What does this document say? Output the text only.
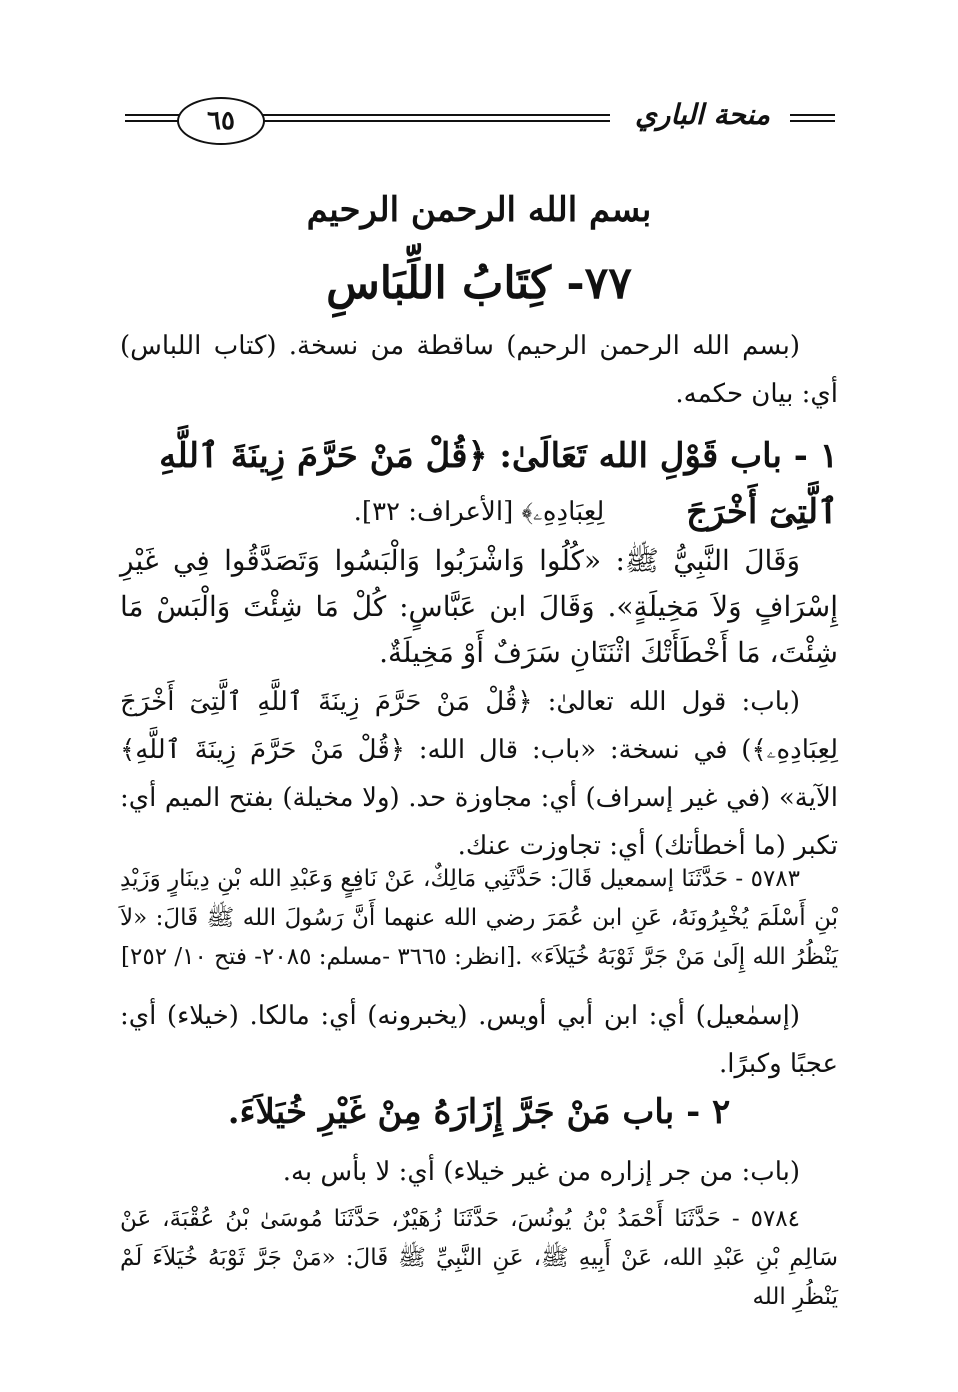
٦٥	منحة الباري
بسم الله الرحمن الرحيم
٧٧- كِتَابُ اللِّبَاسِ
(بسم الله الرحمن الرحيم) ساقطة من نسخة. (كتاب اللباس) أي: بيان حكمه.
١ - باب قَوْلِ الله تَعَالَىٰ: ﴿قُلْ مَنْ حَرَّمَ زِينَةَ ٱللَّهِ ٱلَّتِىٓ أَخْرَجَ
لِعِبَادِهِۦ﴾ [الأعراف: ٣٢].
وَقَالَ النَّبِيُّ ﷺ: «كُلُوا وَاشْرَبُوا وَالْبَسُوا وَتَصَدَّقُوا فِي غَيْرِ إِسْرَافٍ وَلاَ مَخِيلَةٍ». وَقَالَ ابن عَبَّاسٍ: كُلْ مَا شِئْتَ وَالْبَسْ مَا شِئْتَ، مَا أَخْطَأَتْكَ اثْنَتَانِ سَرَفٌ أَوْ مَخِيلَةٌ.
(باب: قول الله تعالىٰ: ﴿قُلْ مَنْ حَرَّمَ زِينَةَ ٱللَّهِ ٱلَّتِىٓ أَخْرَجَ لِعِبَادِهِۦ﴾) في نسخة: «باب: قال الله: ﴿قُلْ مَنْ حَرَّمَ زِينَةَ ٱللَّهِ﴾ الآية» (في غير إسراف) أي: مجاوزة حد. (ولا مخيلة) بفتح الميم أي: تكبر (ما أخطأتك) أي: تجاوزت عنك.
٥٧٨٣ - حَدَّثَنَا إسمعيل قَالَ: حَدَّثَنِي مَالِكٌ، عَنْ نَافِعٍ وَعَبْدِ الله بْنِ دِينَارٍ وَزَيْدِ بْنِ أَسْلَمَ يُخْبِرُونَهُ، عَنِ ابن عُمَرَ رضي الله عنهما أَنَّ رَسُولَ الله ﷺ قَالَ: «لاَ يَنْظُرُ الله إِلَىٰ مَنْ جَرَّ ثَوْبَهُ خُيَلاَءَ» .[انظر: ٣٦٦٥ -مسلم: ٢٠٨٥- فتح ١٠/ ٢٥٢]
(إسمٰعيل) أي: ابن أبي أويس. (يخبرونه) أي: مالكا. (خيلاء) أي: عجبًا وكبرًا.
٢ - باب مَنْ جَرَّ إِزَارَهُ مِنْ غَيْرِ خُيَلاَءَ.
(باب: من جر إزاره من غير خيلاء) أي: لا بأس به.
٥٧٨٤ - حَدَّثَنَا أَحْمَدُ بْنُ يُونُسَ، حَدَّثَنَا زُهَيْرٌ، حَدَّثَنَا مُوسَىٰ بْنُ عُقْبَةَ، عَنْ سَالِمِ بْنِ عَبْدِ الله، عَنْ أَبِيهِ ﷺ، عَنِ النَّبِيِّ ﷺ قَالَ: «مَنْ جَرَّ ثَوْبَهُ خُيَلاَءَ لَمْ يَنْظُرِ الله
